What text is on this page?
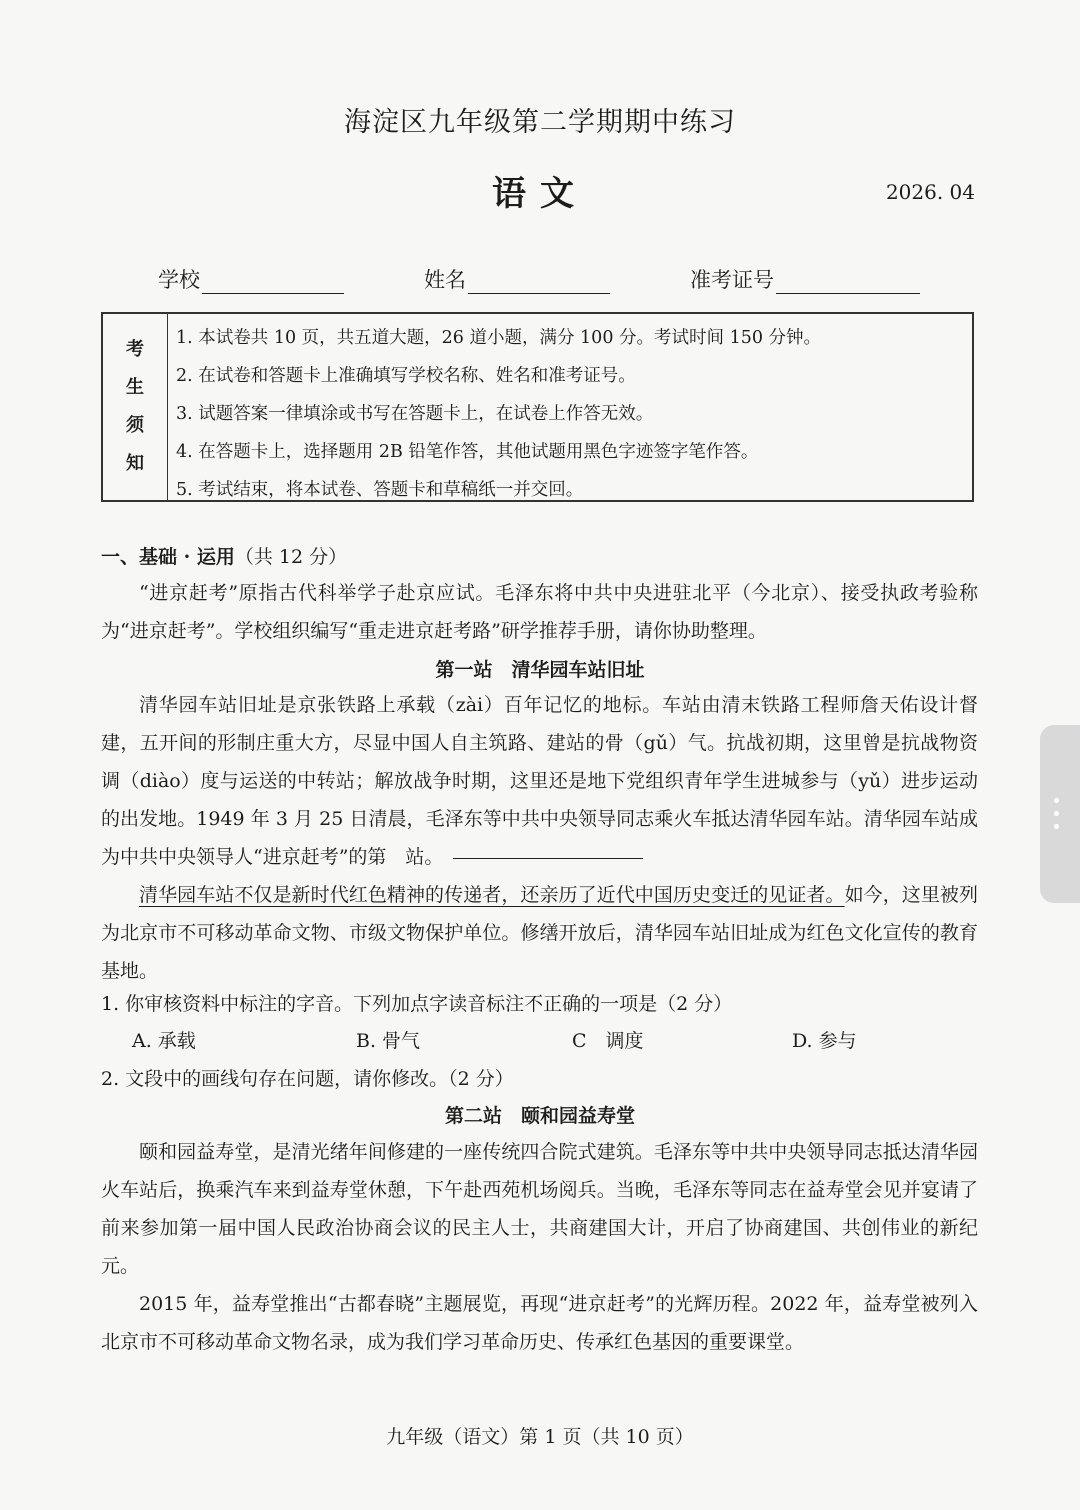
海淀区九年级第二学期期中练习
语文	2026. 04
学校	姓名	准考证号
考
生
须
知
1. 本试卷共 10 页，共五道大题，26 道小题，满分 100 分。考试时间 150 分钟。
2. 在试卷和答题卡上准确填写学校名称、姓名和准考证号。
3. 试题答案一律填涂或书写在答题卡上，在试卷上作答无效。
4. 在答题卡上，选择题用 2B 铅笔作答，其他试题用黑色字迹签字笔作答。
5. 考试结束，将本试卷、答题卡和草稿纸一并交回。
一、基础 · 运用（共 12 分）

“进京赶考”原指古代科举学子赴京应试。毛泽东将中共中央进驻北平（今北京）、接受执政考验称为“进京赶考”。学校组织编写“重走进京赶考路”研学推荐手册，请你协助整理。

第一站　清华园车站旧址

清华园车站旧址是京张铁路上承载（zài）百年记忆的地标。车站由清末铁路工程师詹天佑设计督建，五开间的形制庄重大方，尽显中国人自主筑路、建站的骨（gǔ）气。抗战初期，这里曾是抗战物资调（diào）度与运送的中转站；解放战争时期，这里还是地下党组织青年学生进城参与（yǔ）进步运动的出发地。1949 年 3 月 25 日清晨，毛泽东等中共中央领导同志乘火车抵达清华园车站。清华园车站成为中共中央领导人“进京赶考”的第　站。

清华园车站不仅是新时代红色精神的传递者，还亲历了近代中国历史变迁的见证者。如今，这里被列为北京市不可移动革命文物、市级文物保护单位。修缮开放后，清华园车站旧址成为红色文化宣传的教育基地。

1. 你审核资料中标注的字音。下列加点字读音标注不正确的一项是（2 分）
A. 承载	B. 骨气	C　调度	D. 参与
2. 文段中的画线句存在问题，请你修改。（2 分）
第二站　颐和园益寿堂

颐和园益寿堂，是清光绪年间修建的一座传统四合院式建筑。毛泽东等中共中央领导同志抵达清华园火车站后，换乘汽车来到益寿堂休憩，下午赴西苑机场阅兵。当晚，毛泽东等同志在益寿堂会见并宴请了前来参加第一届中国人民政治协商会议的民主人士，共商建国大计，开启了协商建国、共创伟业的新纪元。

2015 年，益寿堂推出“古都春晓”主题展览，再现“进京赶考”的光辉历程。2022 年，益寿堂被列入北京市不可移动革命文物名录，成为我们学习革命历史、传承红色基因的重要课堂。

九年级（语文）第 1 页（共 10 页）
